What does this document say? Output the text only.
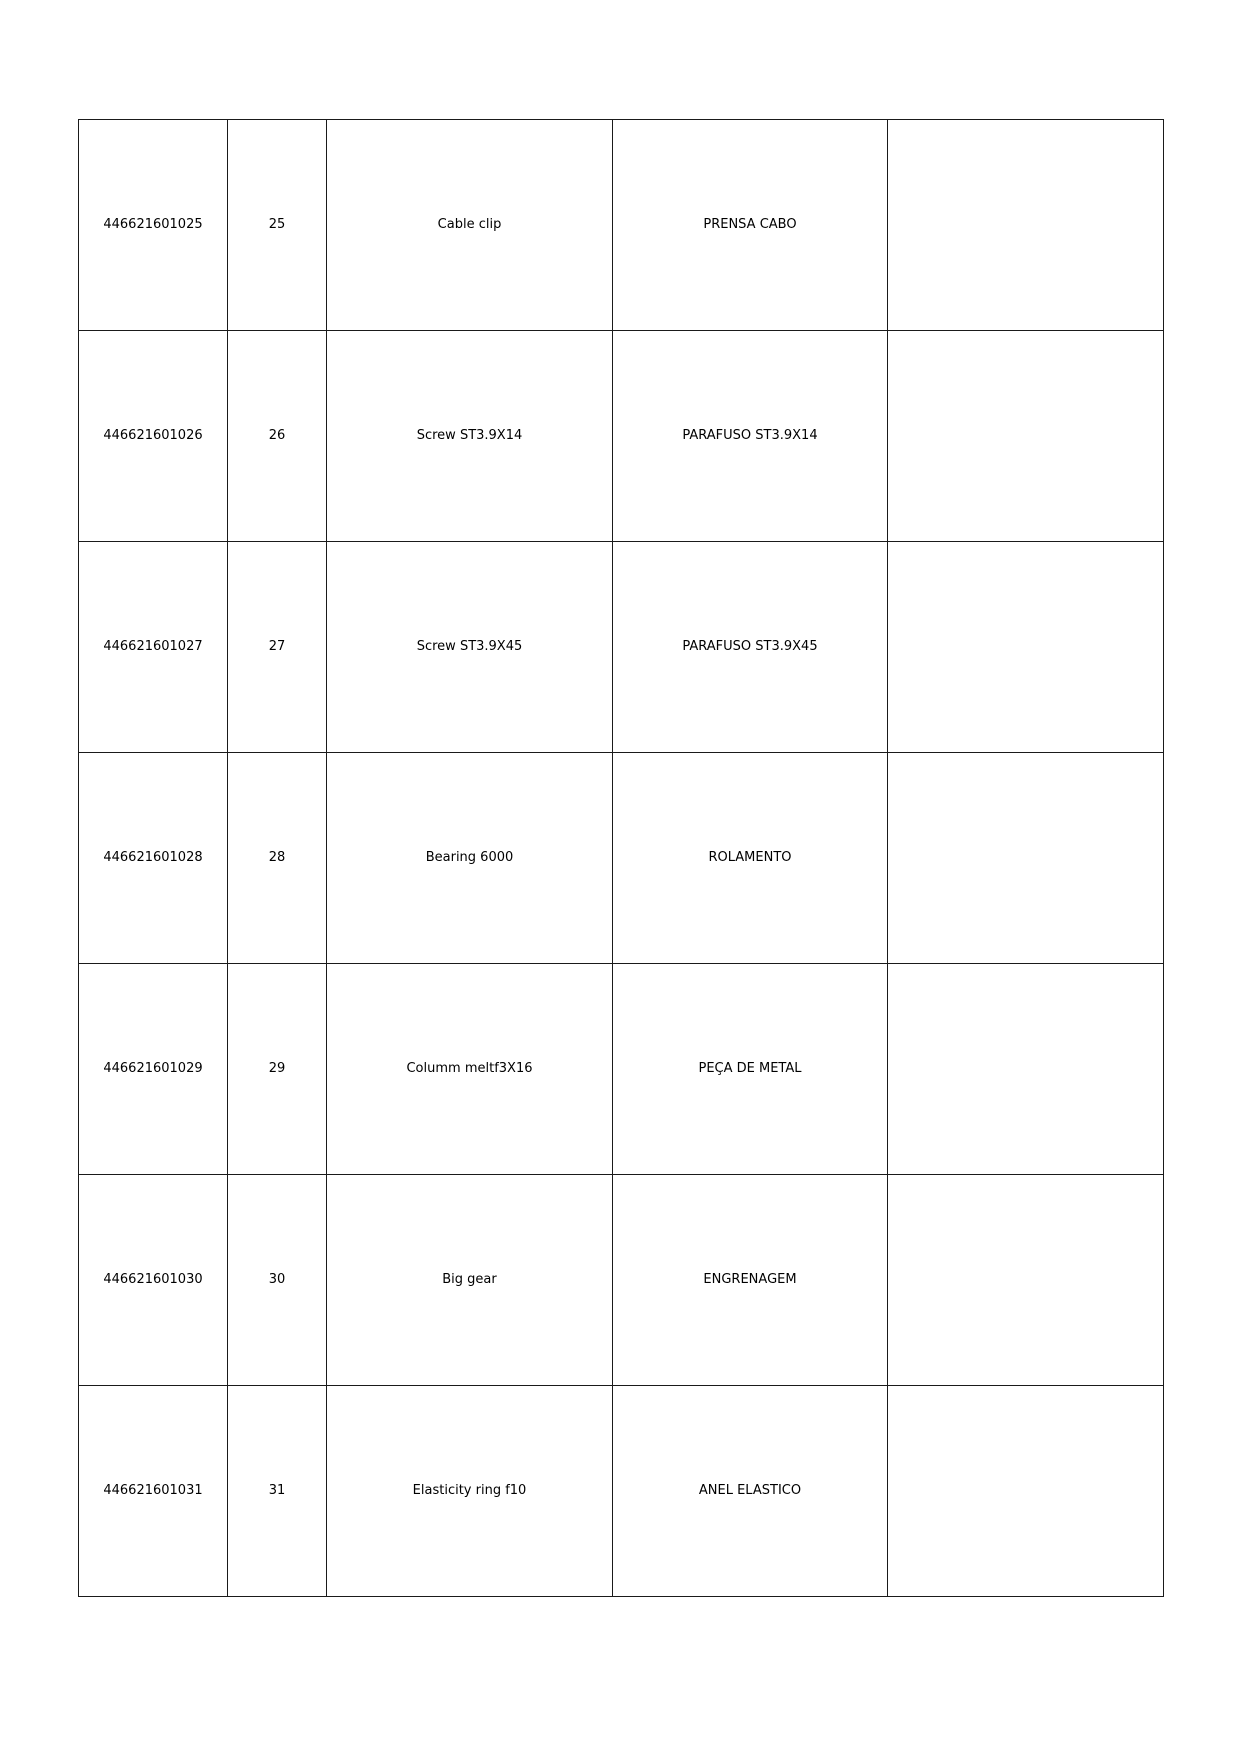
446621601025	25	Cable clip	PRENSA CABO	
446621601026	26	Screw ST3.9X14	PARAFUSO ST3.9X14	
446621601027	27	Screw ST3.9X45	PARAFUSO ST3.9X45	
446621601028	28	Bearing 6000	ROLAMENTO	
446621601029	29	Columm meltf3X16	PEÇA DE METAL	
446621601030	30	Big gear	ENGRENAGEM	
446621601031	31	Elasticity ring f10	ANEL ELASTICO	
